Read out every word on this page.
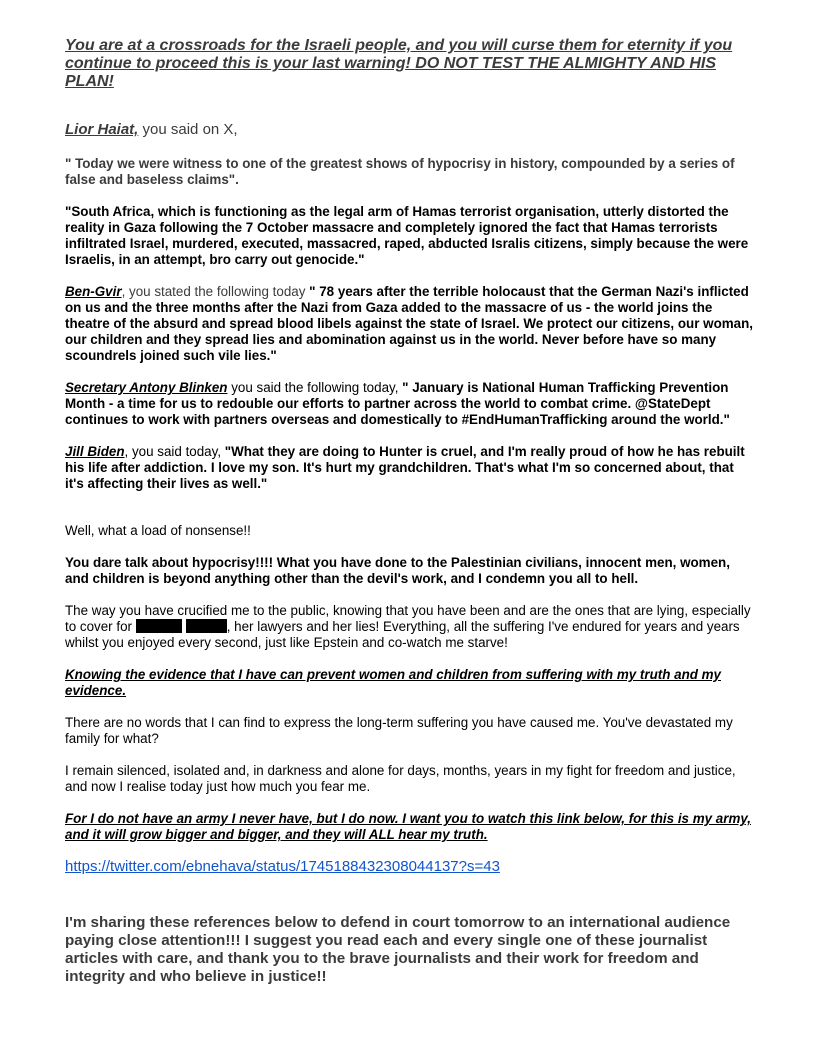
You are at a crossroads for the Israeli people, and you will curse them for eternity if you continue to proceed this is your last warning! DO NOT TEST THE ALMIGHTY AND HIS PLAN!

Lior Haiat, you said on X,

" Today we were witness to one of the greatest shows of hypocrisy in history, compounded by a series of false and baseless claims".

"South Africa, which is functioning as the legal arm of Hamas terrorist organisation, utterly distorted the reality in Gaza following the 7 October massacre and completely ignored the fact that Hamas terrorists infiltrated Israel, murdered, executed, massacred, raped, abducted Isralis citizens, simply because the were Israelis, in an attempt, bro carry out genocide."

Ben-Gvir, you stated the following today " 78 years after the terrible holocaust that the German Nazi's inflicted on us and the three months after the Nazi from Gaza added to the massacre of us - the world joins the theatre of the absurd and spread blood libels against the state of Israel. We protect our citizens, our woman, our children and they spread lies and abomination against us in the world. Never before have so many scoundrels joined such vile lies."

Secretary Antony Blinken you said the following today, " January is National Human Trafficking Prevention Month - a time for us to redouble our efforts to partner across the world to combat crime. @StateDept continues to work with partners overseas and domestically to #EndHumanTrafficking around the world."

Jill Biden, you said today, "What they are doing to Hunter is cruel, and I'm really proud of how he has rebuilt his life after addiction. I love my son. It's hurt my grandchildren. That's what I'm so concerned about, that it's affecting their lives as well."

Well, what a load of nonsense!!

You dare talk about hypocrisy!!!! What you have done to the Palestinian civilians, innocent men, women, and children is beyond anything other than the devil's work, and I condemn you all to hell.

The way you have crucified me to the public, knowing that you have been and are the ones that are lying, especially to cover for	, her lawyers and her lies! Everything, all the suffering I've endured for years and years whilst you enjoyed every second, just like Epstein and co-watch me starve!

Knowing the evidence that I have can prevent women and children from suffering with my truth and my evidence.

There are no words that I can find to express the long-term suffering you have caused me. You've devastated my family for what?

I remain silenced, isolated and, in darkness and alone for days, months, years in my fight for freedom and justice, and now I realise today just how much you fear me.

For I do not have an army I never have, but I do now. I want you to watch this link below, for this is my army, and it will grow bigger and bigger, and they will ALL hear my truth.

https://twitter.com/ebnehava/status/1745188432308044137?s=43

I'm sharing these references below to defend in court tomorrow to an international audience paying close attention!!! I suggest you read each and every single one of these journalist articles with care, and thank you to the brave journalists and their work for freedom and integrity and who believe in justice!!
